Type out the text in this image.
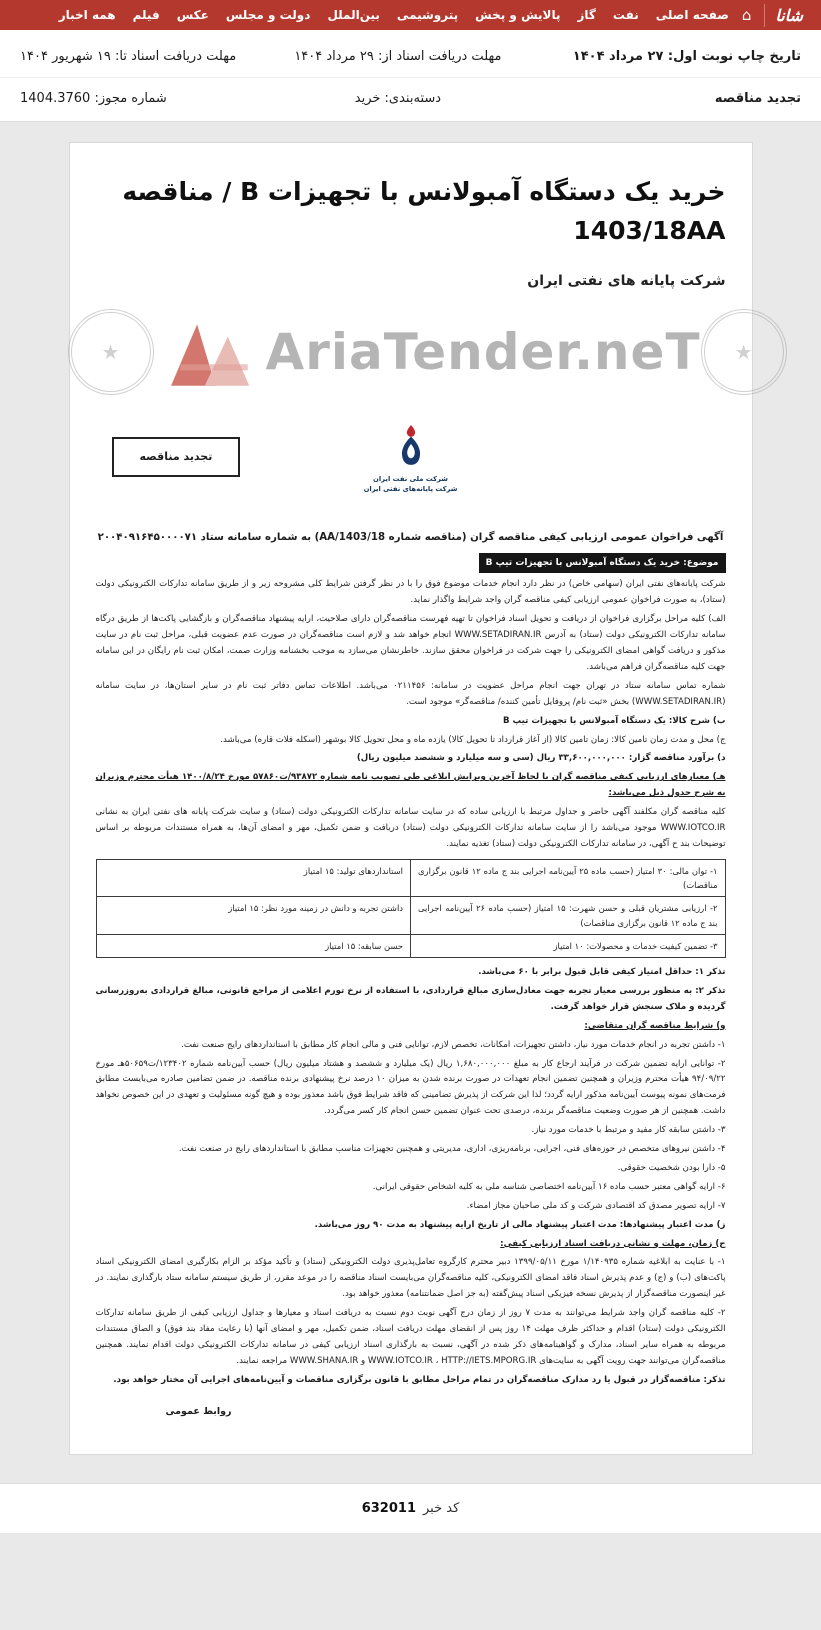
شانا
⌂
صفحه اصلی
نفت
گاز
پالایش و پخش
پتروشیمی
بین‌الملل
دولت و مجلس
عکس
فیلم
همه اخبار
تاریخ چاپ نوبت اول: ۲۷ مرداد ۱۴۰۴
مهلت دریافت اسناد از: ۲۹ مرداد ۱۴۰۴
مهلت دریافت اسناد تا: ۱۹ شهریور ۱۴۰۴
تجدید مناقصه
دسته‌بندی: خرید
شماره مجوز: 1404.3760
خرید یک دستگاه آمبولانس با تجهیزات B / مناقصه 1403/18AA
شرکت پایانه های نفتی ایران
★	AriaTender.neT	★
تجدید مناقصه
شرکت ملی نفت ایران
شرکت پایانه‌های نفتی ایران
آگهی فراخوان عمومی ارزیابی کیفی مناقصه گران (مناقصه شماره 1403/18/AA) به شماره سامانه ستاد ۲۰۰۴۰۹۱۶۴۵۰۰۰۰۷۱
موضوع: خرید یک دستگاه آمبولانس با تجهیزات تیپ B

شرکت پایانه‌های نفتی ایران (سهامی خاص) در نظر دارد انجام خدمات موضوع فوق را با در نظر گرفتن شرایط کلی مشروحه زیر و از طریق سامانه تدارکات الکترونیکی دولت (ستاد)، به صورت فراخوان عمومی ارزیابی کیفی مناقصه گران واجد شرایط واگذار نماید.

الف) کلیه مراحل برگزاری فراخوان از دریافت و تحویل اسناد فراخوان تا تهیه فهرست مناقصه‌گران دارای صلاحیت، ارایه پیشنهاد مناقصه‌گران و بازگشایی پاکت‌ها از طریق درگاه سامانه تدارکات الکترونیکی دولت (ستاد) به آدرس WWW.SETADIRAN.IR انجام خواهد شد و لازم است مناقصه‌گران در صورت عدم عضویت قبلی، مراحل ثبت نام در سایت مذکور و دریافت گواهی امضای الکترونیکی را جهت شرکت در فراخوان محقق سازند. خاطرنشان می‌سازد به موجب بخشنامه وزارت صمت، امکان ثبت نام رایگان در این سامانه جهت کلیه مناقصه‌گران فراهم می‌باشد.

شماره تماس سامانه ستاد در تهران جهت انجام مراحل عضویت در سامانه: ۰۲۱۱۴۵۶ می‌باشد. اطلاعات تماس دفاتر ثبت نام در سایر استان‌ها، در سایت سامانه (WWW.SETADIRAN.IR) بخش «ثبت نام/ پروفایل تأمین کننده/ مناقصه‌گر» موجود است.

ب) شرح کالا: یک دستگاه آمبولانس با تجهیزات تیپ B

ج) محل و مدت زمان تامین کالا: زمان تامین کالا (از آغاز قرارداد تا تحویل کالا) یازده ماه و محل تحویل کالا بوشهر (اسکله فلات قاره) می‌باشد.

د) برآورد مناقصه گزار: ۳۳,۶۰۰,۰۰۰,۰۰۰ ریال (سی و سه میلیارد و ششصد میلیون ریال)

هـ) معیارهای ارزیابی کیفی مناقصه گران با لحاظ آخرین ویرایش ابلاغی طی تصویب نامه شماره ۹۳۸۷۲/ت۵۷۸۶۰ مورخ ۱۴۰۰/۸/۲۴ هیأت محترم وزیران به شرح جدول ذیل می‌باشد:

کلیه مناقصه گران مکلفند آگهی حاضر و جداول مرتبط با ارزیابی ساده که در سایت سامانه تدارکات الکترونیکی دولت (ستاد) و سایت شرکت پایانه های نفتی ایران به نشانی WWW.IOTCO.IR موجود می‌باشد را از سایت سامانه تدارکات الکترونیکی دولت (ستاد) دریافت و ضمن تکمیل، مهر و امضای آن‌ها، به همراه مستندات مربوطه بر اساس توضیحات بند ح آگهی، در سامانه تدارکات الکترونیکی دولت (ستاد) تغذیه نمایند.

۱- توان مالی: ۳۰ امتیاز (حسب ماده ۲۵ آیین‌نامه اجرایی بند ج ماده ۱۲ قانون برگزاری مناقصات)	استانداردهای تولید: ۱۵ امتیاز
۲- ارزیابی مشتریان قبلی و حسن شهرت: ۱۵ امتیاز (حسب ماده ۲۶ آیین‌نامه اجرایی بند ج ماده ۱۲ قانون برگزاری مناقصات)	داشتن تجربه و دانش در زمینه مورد نظر: ۱۵ امتیاز
۳- تضمین کیفیت خدمات و محصولات: ۱۰ امتیاز	حسن سابقه: ۱۵ امتیاز

تذکر ۱: حداقل امتیاز کیفی قابل قبول برابر با ۶۰ می‌باشد.

تذکر ۲: به منظور بررسی معیار تجربه جهت معادل‌سازی مبالغ قراردادی، با استفاده از نرخ تورم اعلامی از مراجع قانونی، مبالغ قراردادی به‌روزرسانی گردیده و ملاک سنجش قرار خواهد گرفت.

و) شرایط مناقصه گران متقاضی:

۱- داشتن تجربه در انجام خدمات مورد نیاز، داشتن تجهیزات، امکانات، تخصص لازم، توانایی فنی و مالی انجام کار مطابق با استانداردهای رایج صنعت نفت.

۲- توانایی ارایه تضمین شرکت در فرآیند ارجاع کار به مبلغ ۱,۶۸۰,۰۰۰,۰۰۰ ریال (یک میلیارد و ششصد و هشتاد میلیون ریال) حسب آیین‌نامه شماره ۱۲۳۴۰۲/ت۵۰۶۵۹هـ مورخ ۹۴/۰۹/۲۲ هیأت محترم وزیران و همچنین تضمین انجام تعهدات در صورت برنده شدن به میزان ۱۰ درصد نرخ پیشنهادی برنده مناقصه. در ضمن تضامین صادره می‌بایست مطابق فرمت‌های نمونه پیوست آیین‌نامه مذکور ارایه گردد؛ لذا این شرکت از پذیرش تضامینی که فاقد شرایط فوق باشد معذور بوده و هیچ گونه مسئولیت و تعهدی در این خصوص نخواهد داشت. همچنین از هر صورت وضعیت مناقصه‌گر برنده، درصدی تحت عنوان تضمین حسن انجام کار کسر می‌گردد.

۳- داشتن سابقه کار مفید و مرتبط با خدمات مورد نیاز.

۴- داشتن نیروهای متخصص در حوزه‌های فنی، اجرایی، برنامه‌ریزی، اداری، مدیریتی و همچنین تجهیزات مناسب مطابق با استانداردهای رایج در صنعت نفت.

۵- دارا بودن شخصیت حقوقی.

۶- ارایه گواهی معتبر حسب ماده ۱۶ آیین‌نامه اختصاصی شناسه ملی به کلیه اشخاص حقوقی ایرانی.

۷- ارایه تصویر مصدق کد اقتصادی شرکت و کد ملی صاحبان مجاز امضاء.

ز) مدت اعتبار پیشنهادها: مدت اعتبار پیشنهاد مالی از تاریخ ارایه پیشنهاد به مدت ۹۰ روز می‌باشد.

ح) زمان، مهلت و نشانی دریافت اسناد ارزیابی کیفی:

۱- با عنایت به ابلاغیه شماره ۱/۱۴۰۹۳۵ مورخ ۱۳۹۹/۰۵/۱۱ دبیر محترم کارگروه تعامل‌پذیری دولت الکترونیکی (ستاد) و تأکید مؤکد بر الزام بکارگیری امضای الکترونیکی اسناد پاکت‌های (ب) و (ج) و عدم پذیرش اسناد فاقد امضای الکترونیکی، کلیه مناقصه‌گران می‌بایست اسناد مناقصه را در موعد مقرر، از طریق سیستم سامانه ستاد بارگذاری نمایند. در غیر اینصورت مناقصه‌گزار از پذیرش نسخه فیزیکی اسناد پیش‌گفته (به جز اصل ضمانتنامه) معذور خواهد بود.

۲- کلیه مناقصه گران واجد شرایط می‌توانند به مدت ۷ روز از زمان درج آگهی نوبت دوم نسبت به دریافت اسناد و معیارها و جداول ارزیابی کیفی از طریق سامانه تدارکات الکترونیکی دولت (ستاد) اقدام و حداکثر ظرف مهلت ۱۴ روز پس از انقضای مهلت دریافت اسناد، ضمن تکمیل، مهر و امضای آنها (با رعایت مفاد بند فوق) و الصاق مستندات مربوطه به همراه سایر اسناد، مدارک و گواهینامه‌های ذکر شده در آگهی، نسبت به بارگذاری اسناد ارزیابی کیفی در سامانه تدارکات الکترونیکی دولت اقدام نمایند. همچنین مناقصه‌گران می‌توانند جهت رویت آگهی به سایت‌های WWW.IOTCO.IR ، HTTP://IETS.MPORG.IR و WWW.SHANA.IR مراجعه نمایند.

تذکر: مناقصه‌گزار در قبول یا رد مدارک مناقصه‌گران در تمام مراحل مطابق با قانون برگزاری مناقصات و آیین‌نامه‌های اجرایی آن مختار خواهد بود.

روابط عمومی
کد خبر
632011
